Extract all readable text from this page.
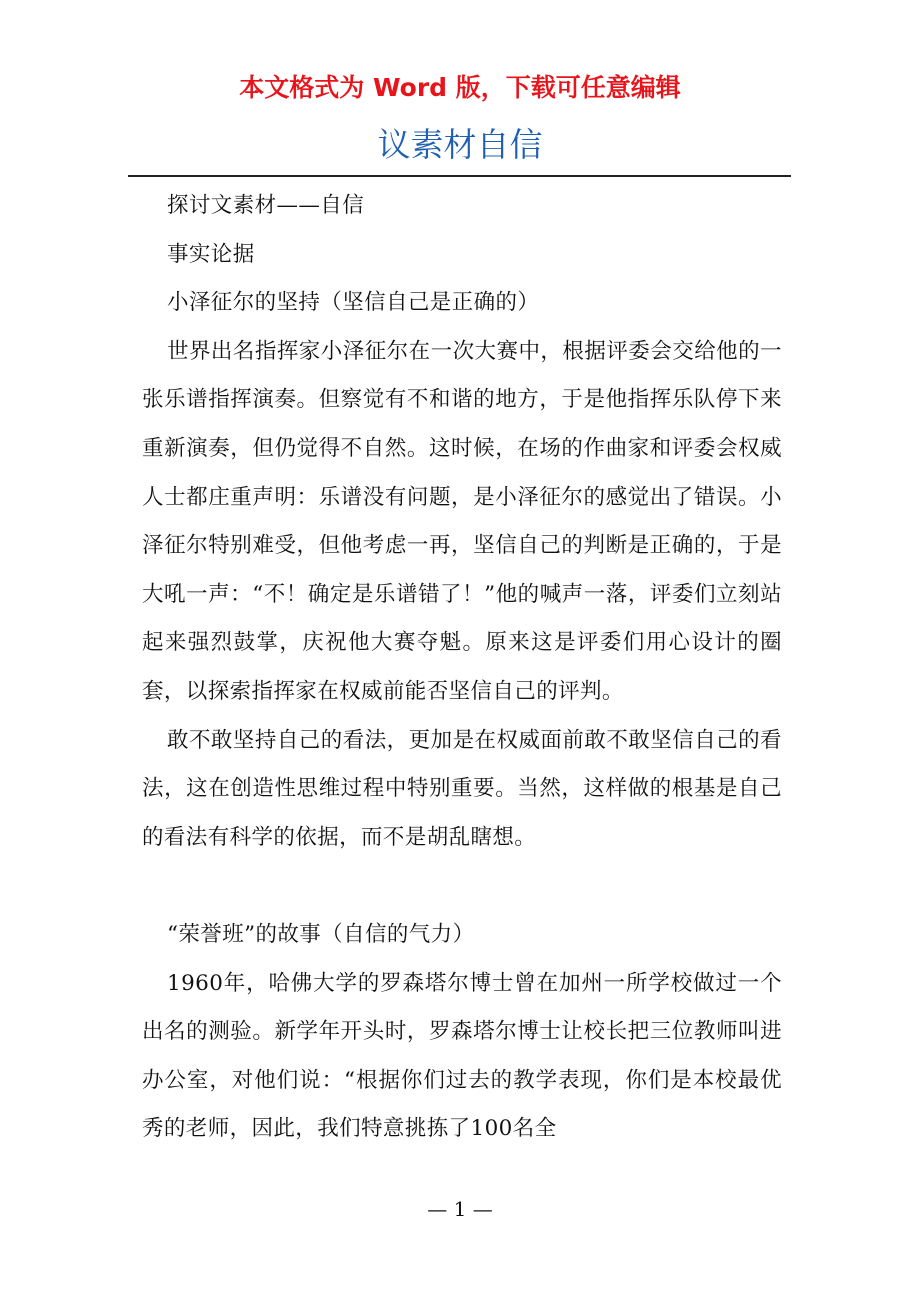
本文格式为 Word 版，下载可任意编辑
议素材自信

探讨文素材——自信

事实论据

小泽征尔的坚持（坚信自己是正确的）

世界出名指挥家小泽征尔在一次大赛中，根据评委会交给他的一张乐谱指挥演奏。但察觉有不和谐的地方，于是他指挥乐队停下来重新演奏，但仍觉得不自然。这时候，在场的作曲家和评委会权威人士都庄重声明：乐谱没有问题，是小泽征尔的感觉出了错误。小泽征尔特别难受，但他考虑一再，坚信自己的判断是正确的，于是大吼一声：“不！确定是乐谱错了！”他的喊声一落，评委们立刻站起来强烈鼓掌，庆祝他大赛夺魁。原来这是评委们用心设计的圈套，以探索指挥家在权威前能否坚信自己的评判。

敢不敢坚持自己的看法，更加是在权威面前敢不敢坚信自己的看法，这在创造性思维过程中特别重要。当然，这样做的根基是自己的看法有科学的依据，而不是胡乱瞎想。

“荣誉班”的故事（自信的气力）

1960年，哈佛大学的罗森塔尔博士曾在加州一所学校做过一个出名的测验。新学年开头时，罗森塔尔博士让校长把三位教师叫进办公室，对他们说：“根据你们过去的教学表现，你们是本校最优秀的老师，因此，我们特意挑拣了100名全

— 1 —
